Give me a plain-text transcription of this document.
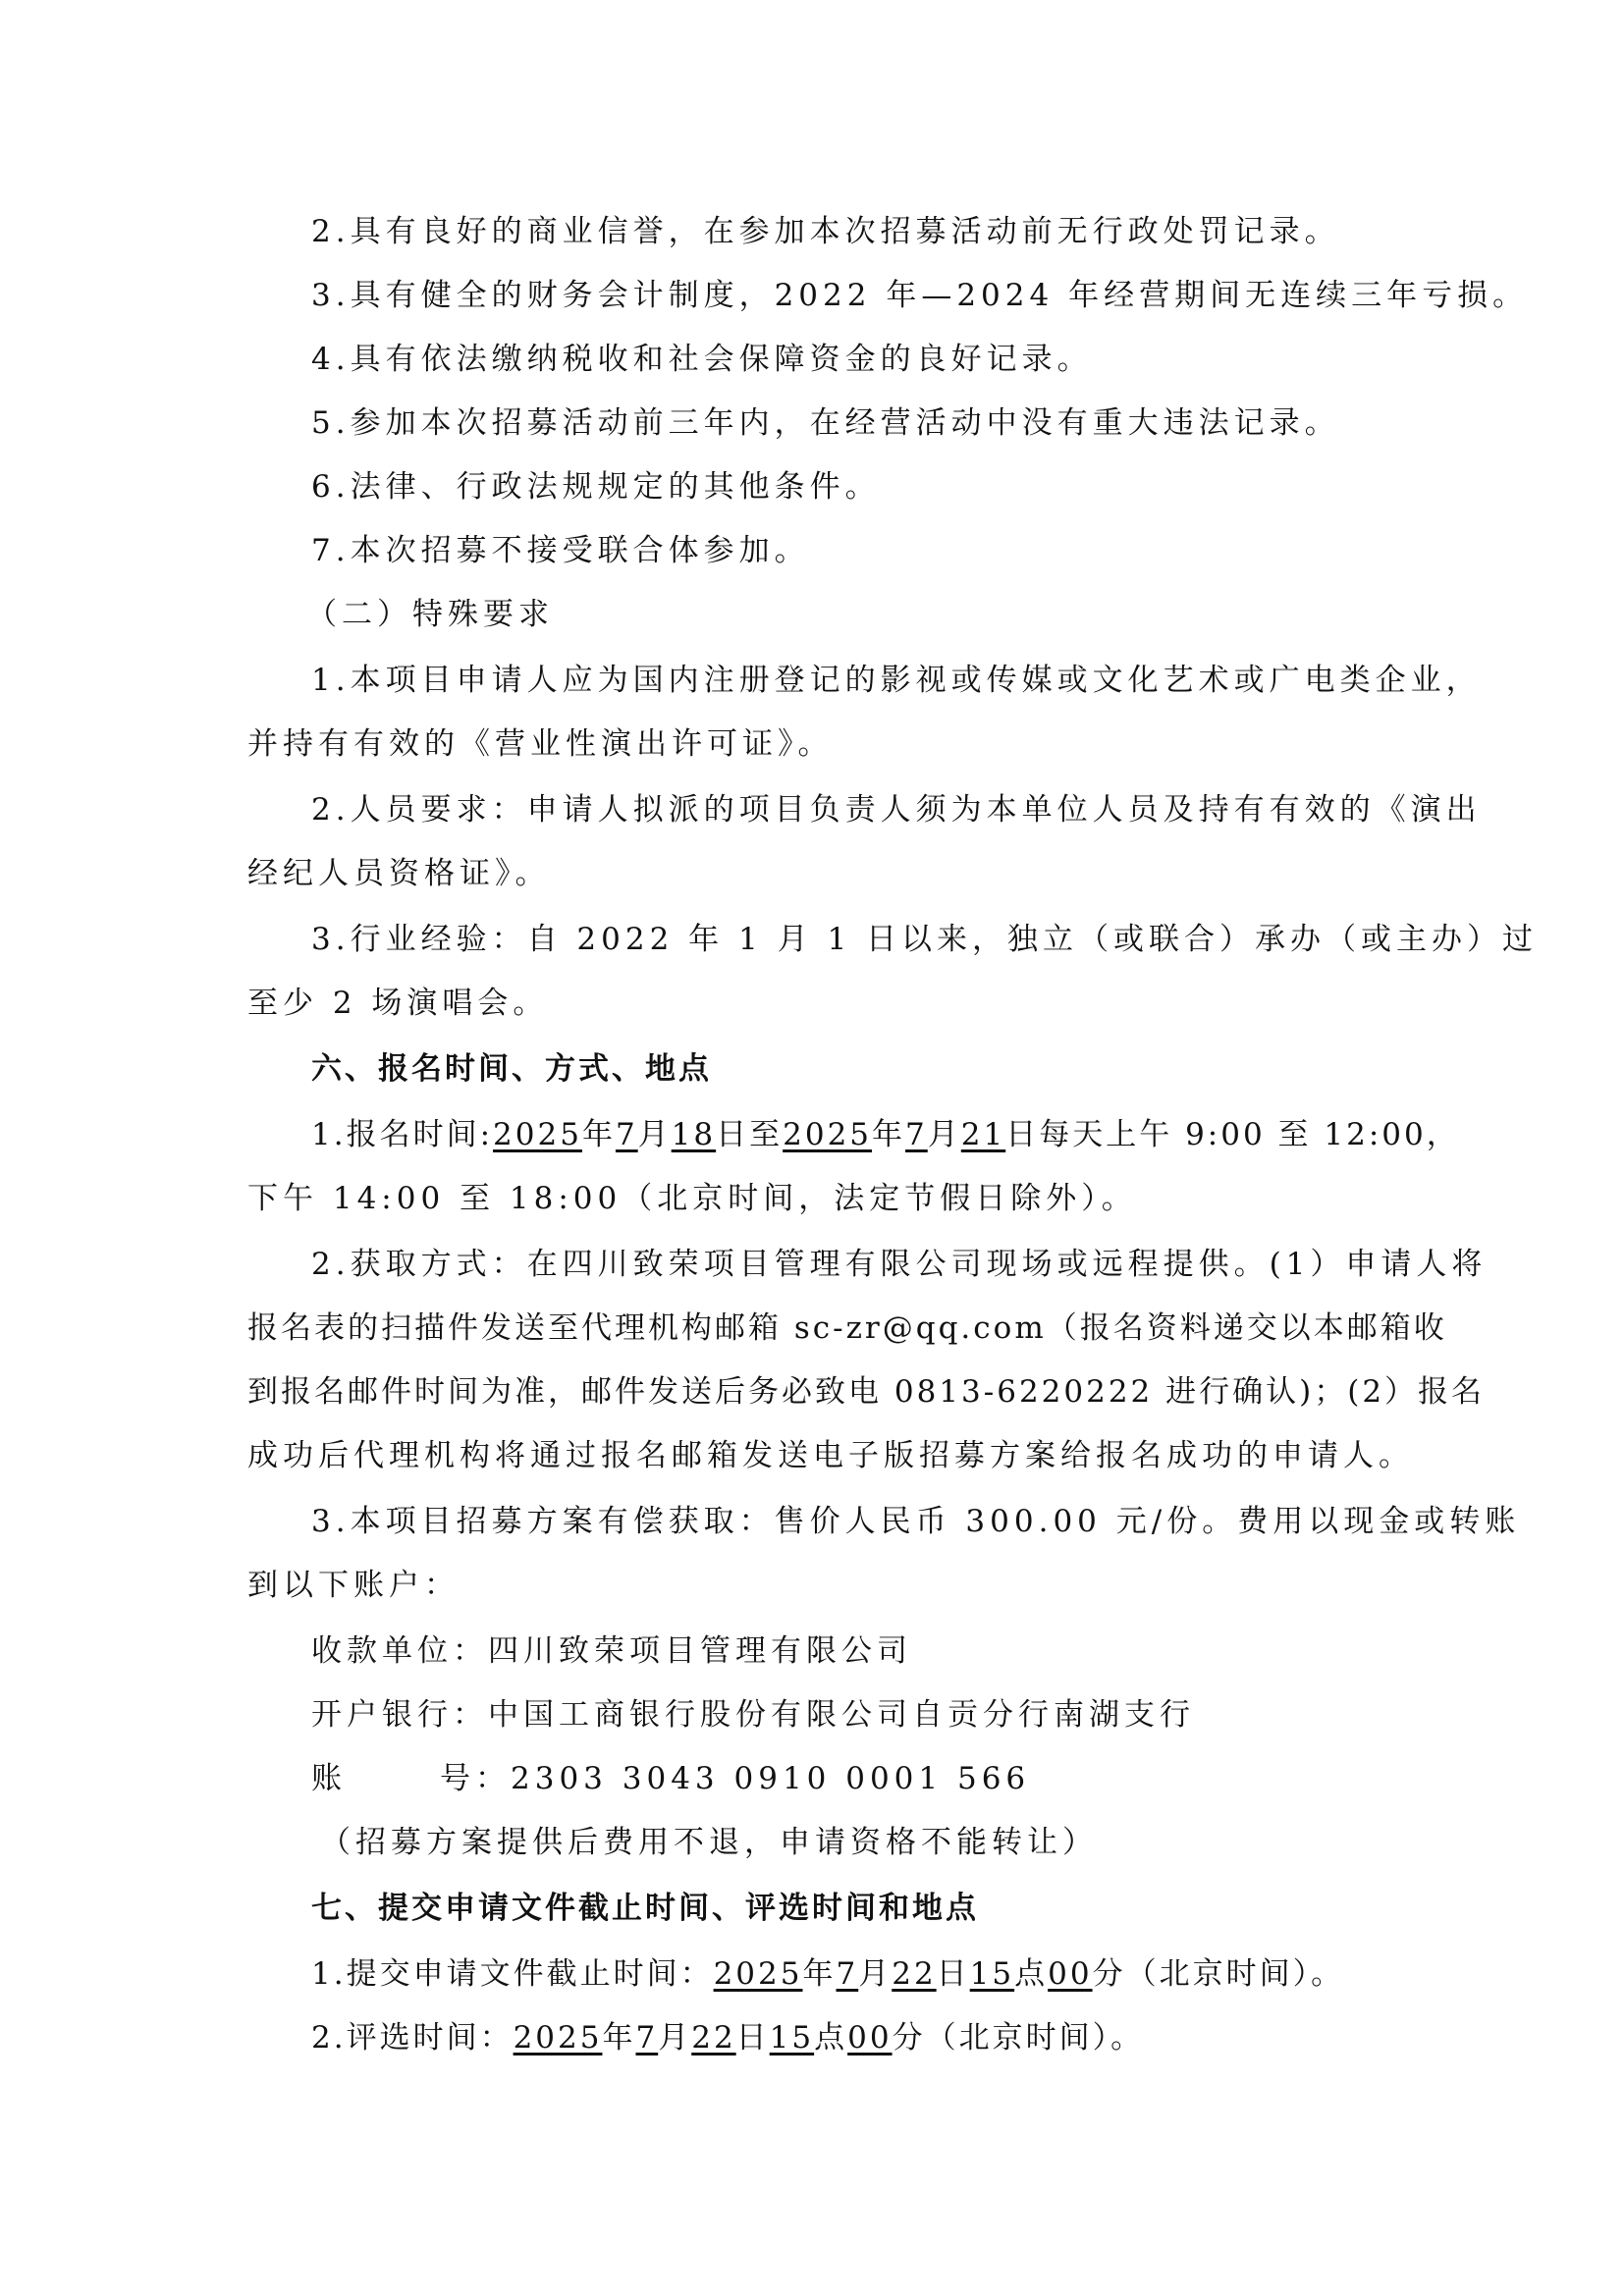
2.具有良好的商业信誉，在参加本次招募活动前无行政处罚记录。

3.具有健全的财务会计制度，2022 年—2024 年经营期间无连续三年亏损。

4.具有依法缴纳税收和社会保障资金的良好记录。

5.参加本次招募活动前三年内，在经营活动中没有重大违法记录。

6.法律、行政法规规定的其他条件。

7.本次招募不接受联合体参加。

（二）特殊要求

1.本项目申请人应为国内注册登记的影视或传媒或文化艺术或广电类企业，

并持有有效的《营业性演出许可证》。

2.人员要求：申请人拟派的项目负责人须为本单位人员及持有有效的《演出

经纪人员资格证》。

3.行业经验：自 2022 年 1 月 1 日以来，独立（或联合）承办（或主办）过

至少 2 场演唱会。

六、报名时间、方式、地点

1.报名时间:2025年7月18日至2025年7月21日每天上午 9:00 至 12:00，

下午 14:00 至 18:00（北京时间，法定节假日除外）。

2.获取方式：在四川致荣项目管理有限公司现场或远程提供。(1）申请人将

报名表的扫描件发送至代理机构邮箱 sc-zr@qq.com（报名资料递交以本邮箱收

到报名邮件时间为准，邮件发送后务必致电 0813-6220222 进行确认)；(2）报名

成功后代理机构将通过报名邮箱发送电子版招募方案给报名成功的申请人。

3.本项目招募方案有偿获取：售价人民币 300.00 元/份。费用以现金或转账

到以下账户：

收款单位：四川致荣项目管理有限公司

开户银行：中国工商银行股份有限公司自贡分行南湖支行

账	号：2303 3043 0910 0001 566

（招募方案提供后费用不退，申请资格不能转让）

七、提交申请文件截止时间、评选时间和地点

1.提交申请文件截止时间：2025年7月22日15点00分（北京时间）。

2.评选时间：2025年7月22日15点00分（北京时间）。
